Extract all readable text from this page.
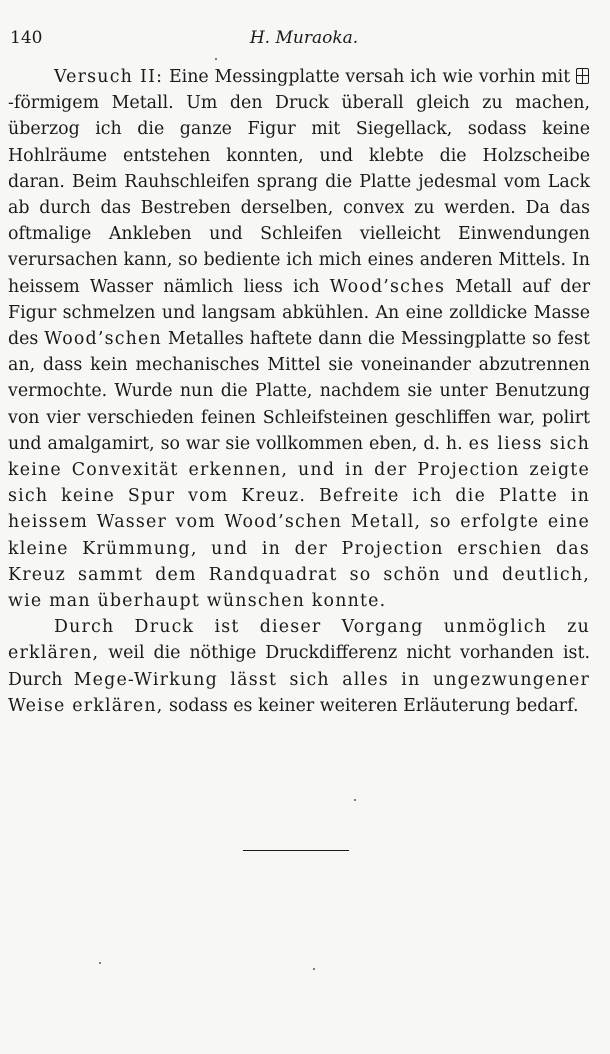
140	H. Muraoka.

Versuch II: Eine Messingplatte versah ich wie vorhin mit -förmigem Metall. Um den Druck überall gleich zu machen, überzog ich die ganze Figur mit Siegellack, sodass keine Hohlräume entstehen konnten, und klebte die Holzscheibe daran. Beim Rauhschleifen sprang die Platte jedesmal vom Lack ab durch das Bestreben derselben, convex zu werden. Da das oftmalige Ankleben und Schleifen vielleicht Einwendungen verursachen kann, so bediente ich mich eines anderen Mittels. In heissem Wasser nämlich liess ich Wood’sches Metall auf der Figur schmelzen und langsam abkühlen. An eine zolldicke Masse des Wood’schen Metalles haftete dann die Messingplatte so fest an, dass kein mechanisches Mittel sie voneinander abzutrennen vermochte. Wurde nun die Platte, nachdem sie unter Benutzung von vier verschieden feinen Schleifsteinen geschliffen war, polirt und amalgamirt, so war sie vollkommen eben, d. h. es liess sich keine Convexität erkennen, und in der Projection zeigte sich keine Spur vom Kreuz. Befreite ich die Platte in heissem Wasser vom Wood’schen Metall, so erfolgte eine kleine Krümmung, und in der Projection erschien das Kreuz sammt dem Randquadrat so schön und deutlich, wie man überhaupt wünschen konnte.

Durch Druck ist dieser Vorgang unmöglich zu erklären, weil die nöthige Druckdifferenz nicht vorhanden ist. Durch Mege-Wirkung lässt sich alles in ungezwungener Weise erklären, sodass es keiner weiteren Erläuterung bedarf.
